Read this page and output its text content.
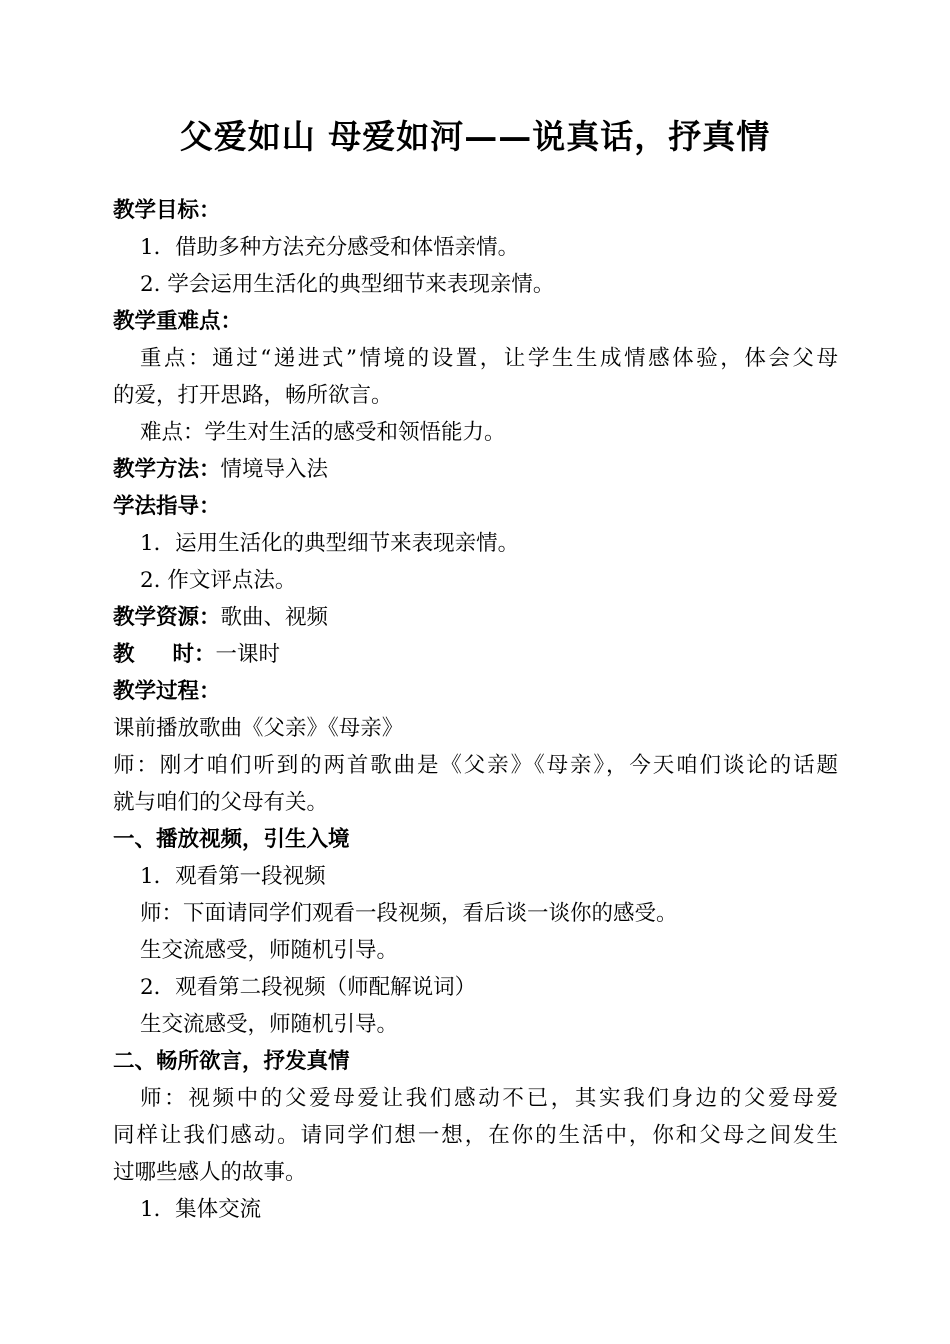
父爱如山 母爱如河——说真话，抒真情
教学目标：
1．借助多种方法充分感受和体悟亲情。
2. 学会运用生活化的典型细节来表现亲情。
教学重难点：
重点：通过“递进式”情境的设置，让学生生成情感体验，体会父母
的爱，打开思路，畅所欲言。
难点：学生对生活的感受和领悟能力。
教学方法：情境导入法
学法指导：
1．运用生活化的典型细节来表现亲情。
2. 作文评点法。
教学资源：歌曲、视频
教 时：一课时
教学过程：
课前播放歌曲《父亲》《母亲》
师：刚才咱们听到的两首歌曲是《父亲》《母亲》，今天咱们谈论的话题
就与咱们的父母有关。
一、播放视频，引生入境
1．观看第一段视频
师：下面请同学们观看一段视频，看后谈一谈你的感受。
生交流感受，师随机引导。
2．观看第二段视频（师配解说词）
生交流感受，师随机引导。
二、畅所欲言，抒发真情
师：视频中的父爱母爱让我们感动不已，其实我们身边的父爱母爱
同样让我们感动。请同学们想一想，在你的生活中，你和父母之间发生
过哪些感人的故事。
1．集体交流
